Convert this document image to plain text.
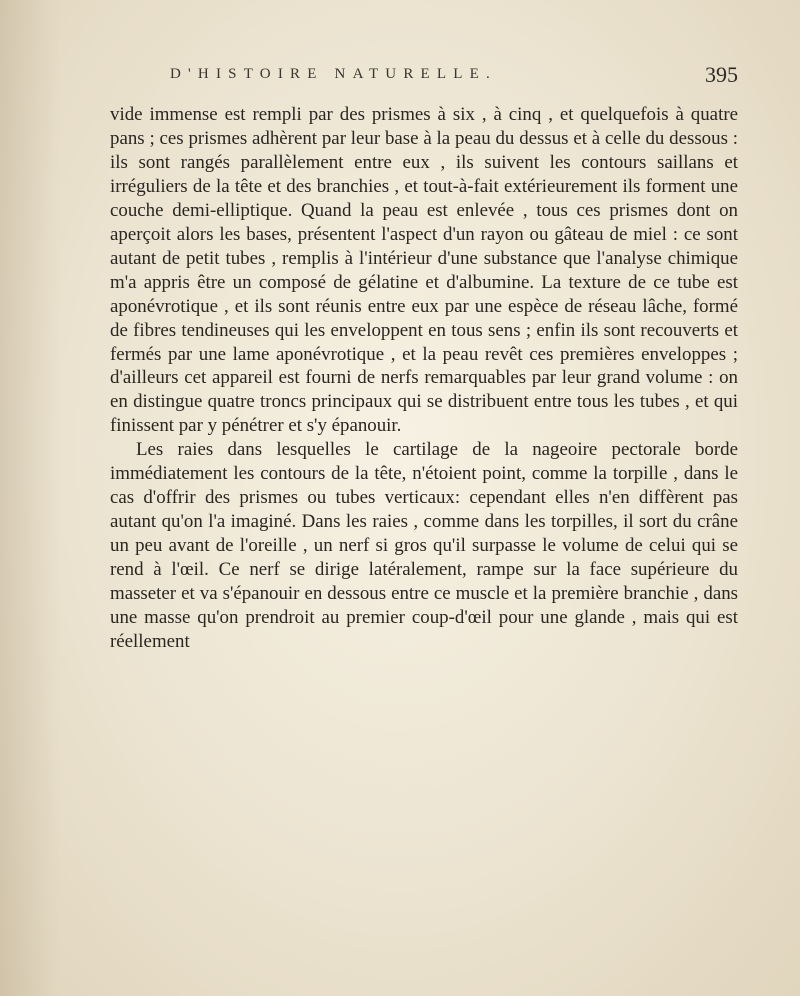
D'HISTOIRE NATURELLE.	395

vide immense est rempli par des prismes à six , à cinq , et quelquefois à quatre pans ; ces prismes adhèrent par leur base à la peau du dessus et à celle du dessous : ils sont rangés parallèlement entre eux , ils suivent les contours saillans et irréguliers de la tête et des branchies , et tout-à-fait extérieurement ils forment une couche demi-elliptique. Quand la peau est enlevée , tous ces prismes dont on aperçoit alors les bases, présentent l'aspect d'un rayon ou gâteau de miel : ce sont autant de petit tubes , remplis à l'intérieur d'une substance que l'analyse chimique m'a appris être un composé de gélatine et d'albumine. La texture de ce tube est aponévrotique , et ils sont réunis entre eux par une espèce de réseau lâche, formé de fibres tendineuses qui les enveloppent en tous sens ; enfin ils sont recouverts et fermés par une lame aponévrotique , et la peau revêt ces premières enveloppes ; d'ailleurs cet appareil est fourni de nerfs remarquables par leur grand volume : on en distingue quatre troncs principaux qui se distribuent entre tous les tubes , et qui finissent par y pénétrer et s'y épanouir.

Les raies dans lesquelles le cartilage de la nageoire pectorale borde immédiatement les contours de la tête, n'étoient point, comme la torpille , dans le cas d'offrir des prismes ou tubes verticaux: cependant elles n'en diffèrent pas autant qu'on l'a imaginé. Dans les raies , comme dans les torpilles, il sort du crâne un peu avant de l'oreille , un nerf si gros qu'il surpasse le volume de celui qui se rend à l'œil. Ce nerf se dirige latéralement, rampe sur la face supérieure du masseter et va s'épanouir en dessous entre ce muscle et la première branchie , dans une masse qu'on prendroit au premier coup-d'œil pour une glande , mais qui est réellement
